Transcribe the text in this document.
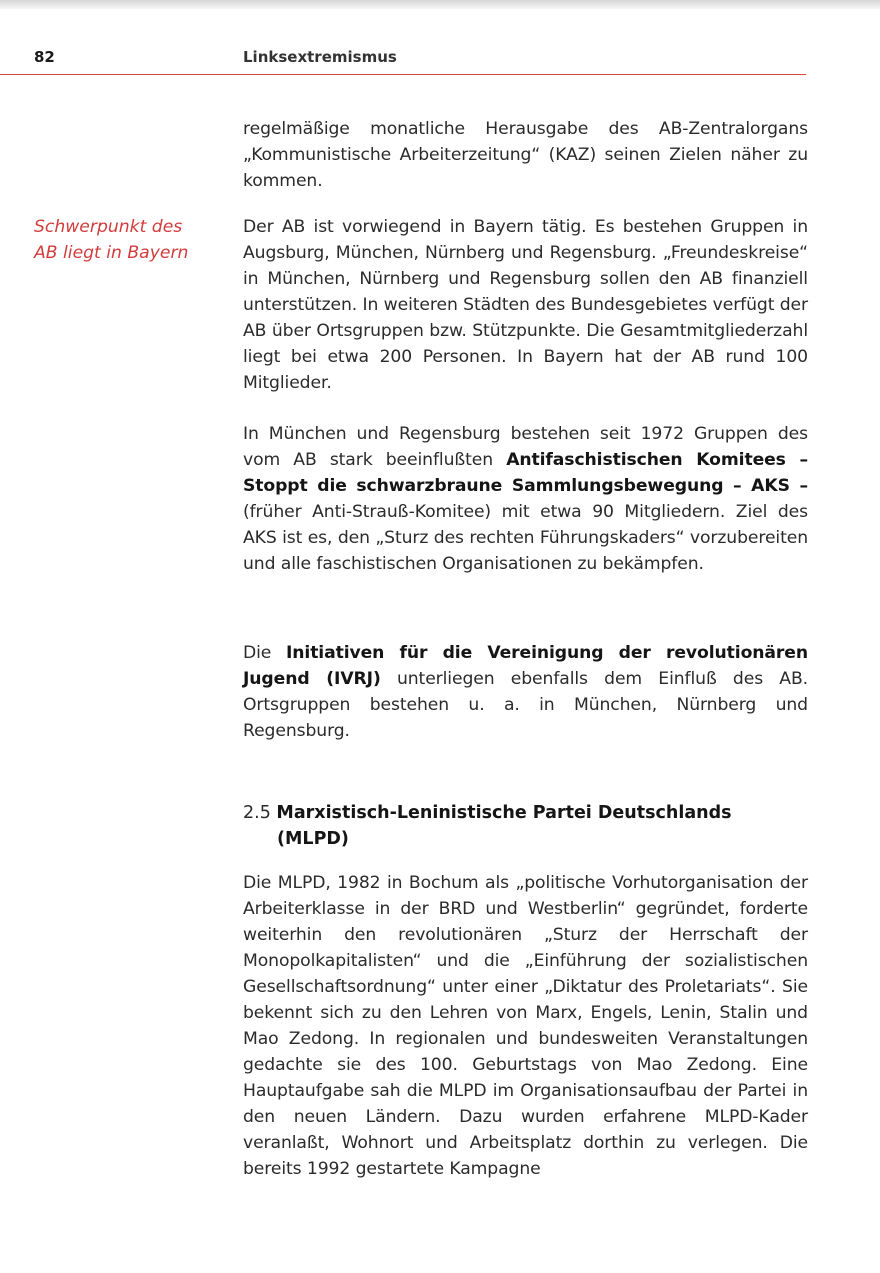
82	Linksextremismus

Schwerpunkt des
AB liegt in Bayern

regelmäßige monatliche Herausgabe des AB-Zentralorgans „Kommunistische Arbeiterzeitung“ (KAZ) seinen Zielen näher zu kommen.

Der AB ist vorwiegend in Bayern tätig. Es bestehen Gruppen in Augsburg, München, Nürnberg und Regensburg. „Freundeskreise“ in München, Nürnberg und Regensburg sollen den AB finanziell unterstützen. In weiteren Städten des Bundesgebietes verfügt der AB über Ortsgruppen bzw. Stützpunkte. Die Gesamtmitgliederzahl liegt bei etwa 200 Personen. In Bayern hat der AB rund 100 Mitglieder.

In München und Regensburg bestehen seit 1972 Gruppen des vom AB stark beeinflußten Antifaschistischen Komitees – Stoppt die schwarzbraune Sammlungsbewegung – AKS – (früher Anti-Strauß-Komitee) mit etwa 90 Mitgliedern. Ziel des AKS ist es, den „Sturz des rechten Führungskaders“ vorzubereiten und alle faschistischen Organisationen zu bekämpfen.

Die Initiativen für die Vereinigung der revolutionären Jugend (IVRJ) unterliegen ebenfalls dem Einfluß des AB. Ortsgruppen bestehen u. a. in München, Nürnberg und Regensburg.

2.5 Marxistisch-Leninistische Partei Deutschlands
(MLPD)

Die MLPD, 1982 in Bochum als „politische Vorhutorganisation der Arbeiterklasse in der BRD und Westberlin“ gegründet, forderte weiterhin den revolutionären „Sturz der Herrschaft der Monopolkapitalisten“ und die „Einführung der sozialistischen Gesellschaftsordnung“ unter einer „Diktatur des Proletariats“. Sie bekennt sich zu den Lehren von Marx, Engels, Lenin, Stalin und Mao Zedong. In regionalen und bundesweiten Veranstaltungen gedachte sie des 100. Geburtstags von Mao Zedong. Eine Hauptaufgabe sah die MLPD im Organisationsaufbau der Partei in den neuen Ländern. Dazu wurden erfahrene MLPD-Kader veranlaßt, Wohnort und Arbeitsplatz dorthin zu verlegen. Die bereits 1992 gestartete Kampagne
